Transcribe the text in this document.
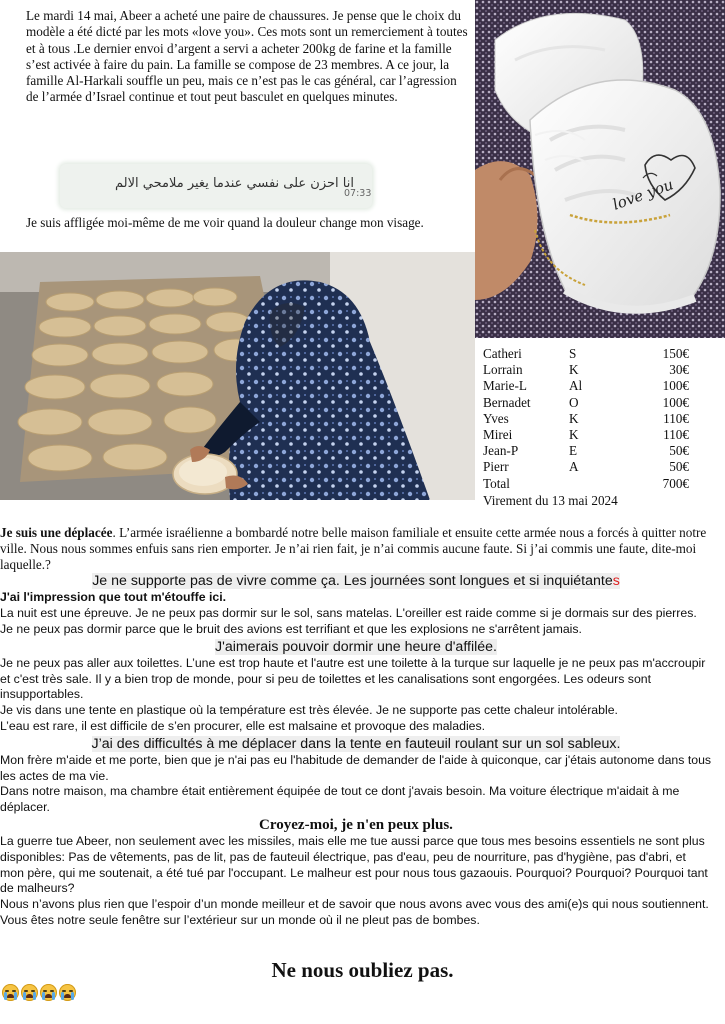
Le mardi 14 mai, Abeer a acheté une paire de chaussures. Je pense que le choix du modèle a été dicté par les mots «love you». Ces mots sont un remerciement à toutes et à tous .Le dernier envoi d’argent a servi a acheter 200kg de farine et la famille s’est activée à faire du pain. La famille se compose de 23 membres. A ce jour, la famille Al-Harkali souffle un peu, mais ce n’est pas le cas général, car l’agression de l’armée d’Israel continue et tout peut basculet en quelques minutes.
انا احزن على نفسي عندما يغير ملامحي الالم
07:33
Je suis affligée moi-même de me voir quand la douleur change mon visage.
love you
Catheri	S	150€
Lorrain	K	30€
Marie-L	Al	100€
Bernadet	O	100€
Yves	K	110€
Mirei	K	110€
Jean-P	E	50€
Pierr	A	50€
Total		700€
Virement du 13 mai 2024

Je suis une déplacée. L’armée israélienne a bombardé notre belle maison familiale et ensuite cette armée nous a forcés à quitter notre ville. Nous nous sommes enfuis sans rien emporter. Je n’ai rien fait, je n’ai commis aucune faute. Si j’ai commis une faute, dite-moi laquelle.?

Je ne supporte pas de vivre comme ça. Les journées sont longues et si inquiétantes

J'ai l'impression que tout m'étouffe ici.

La nuit est une épreuve. Je ne peux pas dormir sur le sol, sans matelas. L'oreiller est raide comme si je dormais sur des pierres. Je ne peux pas dormir parce que le bruit des avions est terrifiant et que les explosions ne s'arrêtent jamais.

J'aimerais pouvoir dormir une heure d'affilée.

Je ne peux pas aller aux toilettes. L’une est trop haute et l'autre est une toilette à la turque sur laquelle je ne peux pas m'accroupir et c'est très sale. Il y a bien trop de monde, pour si peu de toilettes et les canalisations sont engorgées. Les odeurs sont insupportables.

Je vis dans une tente en plastique où la température est très élevée. Je ne supporte pas cette chaleur intolérable.

L’eau est rare, il est difficile de s’en procurer, elle est malsaine et provoque des maladies.

J’ai des difficultés à me déplacer dans la tente en fauteuil roulant sur un sol sableux.

Mon frère m'aide et me porte, bien que je n'ai pas eu l'habitude de demander de l'aide à quiconque, car j'étais autonome dans tous les actes de ma vie.

Dans notre maison, ma chambre était entièrement équipée de tout ce dont j'avais besoin. Ma voiture électrique m'aidait à me déplacer.

Croyez-moi, je n'en peux plus.

La guerre tue Abeer, non seulement avec les missiles, mais elle me tue aussi parce que tous mes besoins essentiels ne sont plus disponibles: Pas de vêtements, pas de lit, pas de fauteuil électrique, pas d'eau, peu de nourriture, pas d'hygiène, pas d'abri, et mon père, qui me soutenait, a été tué par l'occupant. Le malheur est pour nous tous gazaouis. Pourquoi? Pourquoi? Pourquoi tant de malheurs?

Nous n’avons plus rien que l’espoir d’un monde meilleur et de savoir que nous avons avec vous des ami(e)s qui nous soutiennent. Vous êtes notre seule fenêtre sur l’extérieur sur un monde où il ne pleut pas de bombes.

Ne nous oubliez pas.
